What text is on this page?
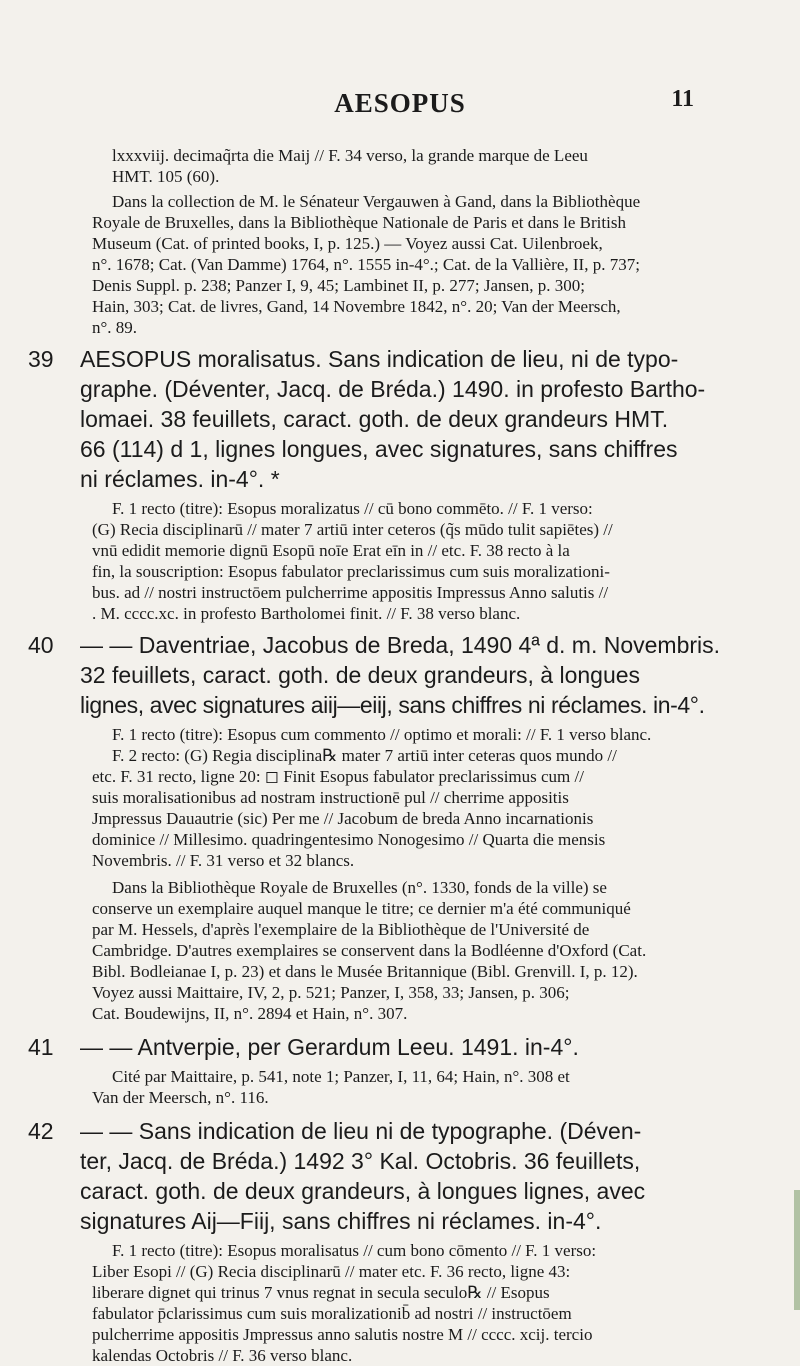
AESOPUS	11
lxxxviij. decimaq̃rta die Maij // F. 34 verso, la grande marque de Leeu
HMT. 105 (60).
Dans la collection de M. le Sénateur Vergauwen à Gand, dans la Bibliothèque
Royale de Bruxelles, dans la Bibliothèque Nationale de Paris et dans le British
Museum (Cat. of printed books, I, p. 125.) — Voyez aussi Cat. Uilenbroek,
n°. 1678; Cat. (Van Damme) 1764, n°. 1555 in-4°.; Cat. de la Vallière, II, p. 737;
Denis Suppl. p. 238; Panzer I, 9, 45; Lambinet II, p. 277; Jansen, p. 300;
Hain, 303; Cat. de livres, Gand, 14 Novembre 1842, n°. 20; Van der Meersch,
n°. 89.
39 AESOPUS moralisatus. Sans indication de lieu, ni de typo-
graphe. (Déventer, Jacq. de Bréda.) 1490. in profesto Bartho-
lomaei. 38 feuillets, caract. goth. de deux grandeurs HMT.
66 (114) d 1, lignes longues, avec signatures, sans chiffres
ni réclames. in-4°. *
F. 1 recto (titre): Esopus moralizatus // cū bono commēto. // F. 1 verso:
(G) Recia disciplinarū // mater 7 artiū inter ceteros (q̃s mūdo tulit sapiētes) //
vnū edidit memorie dignū Esopū noīe Erat eīn in // etc. F. 38 recto à la
fin, la souscription: Esopus fabulator preclarissimus cum suis moralizationi-
bus. ad // nostri instructōem pulcherrime appositis Impressus Anno salutis //
. M. cccc.xc. in profesto Bartholomei finit. // F. 38 verso blanc.
40 — — Daventriae, Jacobus de Breda, 1490 4ª d. m. Novembris.
32 feuillets, caract. goth. de deux grandeurs, à longues
lignes, avec signatures aiij—eiij, sans chiffres ni réclames. in-4°.
F. 1 recto (titre): Esopus cum commento // optimo et morali: // F. 1 verso blanc.
F. 2 recto: (G) Regia disciplina℞ mater 7 artiū inter ceteras quos mundo //
etc. F. 31 recto, ligne 20: ◻ Finit Esopus fabulator preclarissimus cum //
suis moralisationibus ad nostram instructionē pul // cherrime appositis
Jmpressus Dauautrie (sic) Per me // Jacobum de breda Anno incarnationis
dominice // Millesimo. quadringentesimo Nonogesimo // Quarta die mensis
Novembris. // F. 31 verso et 32 blancs.
Dans la Bibliothèque Royale de Bruxelles (n°. 1330, fonds de la ville) se
conserve un exemplaire auquel manque le titre; ce dernier m'a été communiqué
par M. Hessels, d'après l'exemplaire de la Bibliothèque de l'Université de
Cambridge. D'autres exemplaires se conservent dans la Bodléenne d'Oxford (Cat.
Bibl. Bodleianae I, p. 23) et dans le Musée Britannique (Bibl. Grenvill. I, p. 12).
Voyez aussi Maittaire, IV, 2, p. 521; Panzer, I, 358, 33; Jansen, p. 306;
Cat. Boudewijns, II, n°. 2894 et Hain, n°. 307.
41 — — Antverpie, per Gerardum Leeu. 1491. in-4°.
Cité par Maittaire, p. 541, note 1; Panzer, I, 11, 64; Hain, n°. 308 et
Van der Meersch, n°. 116.
42 — — Sans indication de lieu ni de typographe. (Déven-
ter, Jacq. de Bréda.) 1492 3° Kal. Octobris. 36 feuillets,
caract. goth. de deux grandeurs, à longues lignes, avec
signatures Aij—Fiij, sans chiffres ni réclames. in-4°.
F. 1 recto (titre): Esopus moralisatus // cum bono cōmento // F. 1 verso:
Liber Esopi // (G) Recia disciplinarū // mater etc. F. 36 recto, ligne 43:
liberare dignet qui trinus 7 vnus regnat in secula seculo℞ // Esopus
fabulator p̄clarissimus cum suis moralizationib̄ ad nostri // instructōem
pulcherrime appositis Jmpressus anno salutis nostre M // cccc. xcij. tercio
kalendas Octobris // F. 36 verso blanc.
